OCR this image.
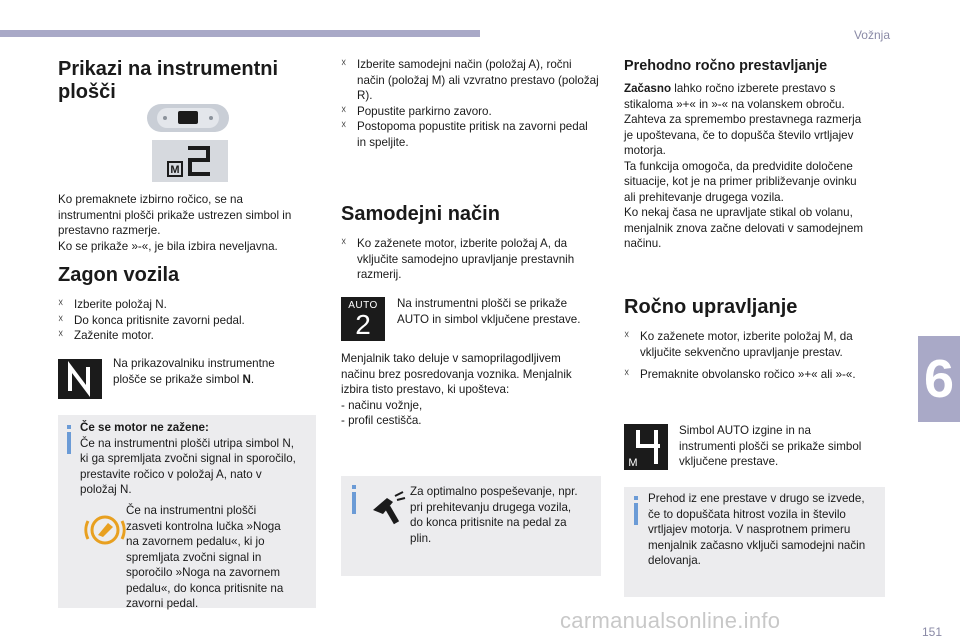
Vožnja
6
151
carmanualsonline.info
Prikazi na instrumentni plošči
M
Ko premaknete izbirno ročico, se na
instrumentni plošči prikaže ustrezen simbol in
prestavno razmerje.
Ko se prikaže »-«, je bila izbira neveljavna.
Zagon vozila
☓ Izberite položaj N.
☓ Do konca pritisnite zavorni pedal.
☓ Zaženite motor.
Na prikazovalniku instrumentne
plošče se prikaže simbol N.
Če se motor ne zažene:
Če na instrumentni plošči utripa simbol N,
ki ga spremljata zvočni signal in sporočilo,
prestavite ročico v položaj A, nato v
položaj N.
Če na instrumentni plošči
zasveti kontrolna lučka »Noga
na zavornem pedalu«, ki jo
spremljata zvočni signal in
sporočilo »Noga na zavornem
pedalu«, do konca pritisnite na
zavorni pedal.
☓ Izberite samodejni način (položaj A), ročni način (položaj M) ali vzvratno prestavo (položaj R).
☓ Popustite parkirno zavoro.
☓ Postopoma popustite pritisk na zavorni pedal in speljite.
Samodejni način
☓ Ko zaženete motor, izberite položaj A, da vključite samodejno upravljanje prestavnih razmerij.
AUTO
2
Na instrumentni plošči se prikaže AUTO in simbol vključene prestave.
Menjalnik tako deluje v samoprilagodljivem
načinu brez posredovanja voznika. Menjalnik
izbira tisto prestavo, ki upošteva:
- načinu vožnje,
- profil cestišča.
Za optimalno pospeševanje, npr.
pri prehitevanju drugega vozila,
do konca pritisnite na pedal za
plin.
Prehodno ročno prestavljanje
Začasno lahko ročno izberete prestavo s
stikaloma »+« in »-« na volanskem obroču.
Zahteva za spremembo prestavnega razmerja
je upoštevana, če to dopušča število vrtljajev
motorja.
Ta funkcija omogoča, da predvidite določene
situacije, kot je na primer približevanje ovinku
ali prehitevanje drugega vozila.
Ko nekaj časa ne upravljate stikal ob volanu,
menjalnik znova začne delovati v samodejnem
načinu.
Ročno upravljanje
☓ Ko zaženete motor, izberite položaj M, da vključite sekvenčno upravljanje prestav.
☓ Premaknite obvolansko ročico »+« ali »-«.
M
Simbol AUTO izgine in na
instrumenti plošči se prikaže simbol
vključene prestave.
Prehod iz ene prestave v drugo se izvede,
če to dopuščata hitrost vozila in število
vrtljajev motorja. V nasprotnem primeru
menjalnik začasno vključi samodejni način
delovanja.
